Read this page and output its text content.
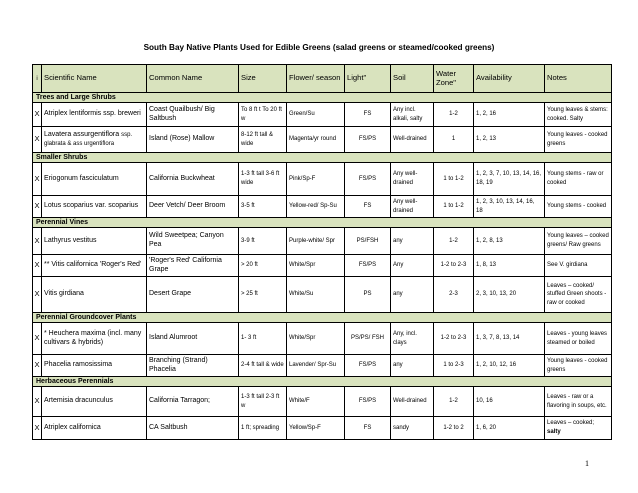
South Bay Native Plants Used for Edible Greens (salad greens or steamed/cooked greens)
i	Scientific Name	Common Name	Size	Flower/ season	Light"	Soil	Water Zone"	Availability	Notes
Trees and Large Shrubs									
X	Atriplex lentiformis ssp. breweri	Coast Quailbush/ Big Saltbush	To 8 ft t To 20 ft w	Green/Su	FS	Any incl. alkali, salty	1-2	1, 2, 16	Young leaves & stems: cooked. Salty
X	Lavatera assurgentiflora ssp. glabrata & ass urgentiflora	Island (Rose) Mallow	8-12 ft tall & wide	Magenta/yr round	FS/PS	Well-drained	1	1, 2, 13	Young leaves - cooked greens
Smaller Shrubs									
X	Eriogonum fasciculatum	California Buckwheat	1-3 ft tall 3-6 ft wide	Pink/Sp-F	FS/PS	Any well-drained	1 to 1-2	1, 2, 3, 7, 10, 13, 14, 16, 18, 19	Young stems - raw or cooked
X	Lotus scoparius var. scoparius	Deer Vetch/ Deer Broom	3-5 ft	Yellow-red/ Sp-Su	FS	Any well-drained	1 to 1-2	1, 2, 3, 10, 13, 14, 16, 18	Young stems - cooked
Perennial Vines									
X	Lathyrus vestitus	Wild Sweetpea; Canyon Pea	3-9 ft	Purple-white/ Spr	PS/FSH	any	1-2	1, 2, 8, 13	Young leaves – cooked greens/ Raw greens
X	** Vitis californica 'Roger's Red'	'Roger's Red' California Grape	> 20 ft	White/Spr	FS/PS	Any	1-2 to 2-3	1, 8, 13	See V. girdiana
X	Vitis girdiana	Desert Grape	> 25 ft	White/Su	PS	any	2-3	2, 3, 10, 13, 20	Leaves – cooked/ stuffed Green shoots - raw or cooked
Perennial Groundcover Plants									
X	* Heuchera maxima (incl. many cultivars & hybrids)	Island Alumroot	1- 3 ft	White/Spr	PS/PS/ FSH	Any, incl. clays	1-2 to 2-3	1, 3, 7, 8, 13, 14	Leaves - young leaves steamed or boiled
X	Phacelia ramosissima	Branching (Strand) Phacelia	2-4 ft tall & wide	Lavender/ Spr-Su	FS/PS	any	1 to 2-3	1, 2, 10, 12, 16	Young leaves - cooked greens
Herbaceous Perennials									
X	Artemisia dracunculus	California Tarragon;	1-3 ft tall 2-3 ft w	White/F	FS/PS	Well-drained	1-2	10, 16	Leaves - raw or a flavoring in soups, etc.
X	Atriplex californica	CA Saltbush	1 ft; spreading	Yellow/Sp-F	FS	sandy	1-2 to 2	1, 6, 20	Leaves – cooked; salty
1
